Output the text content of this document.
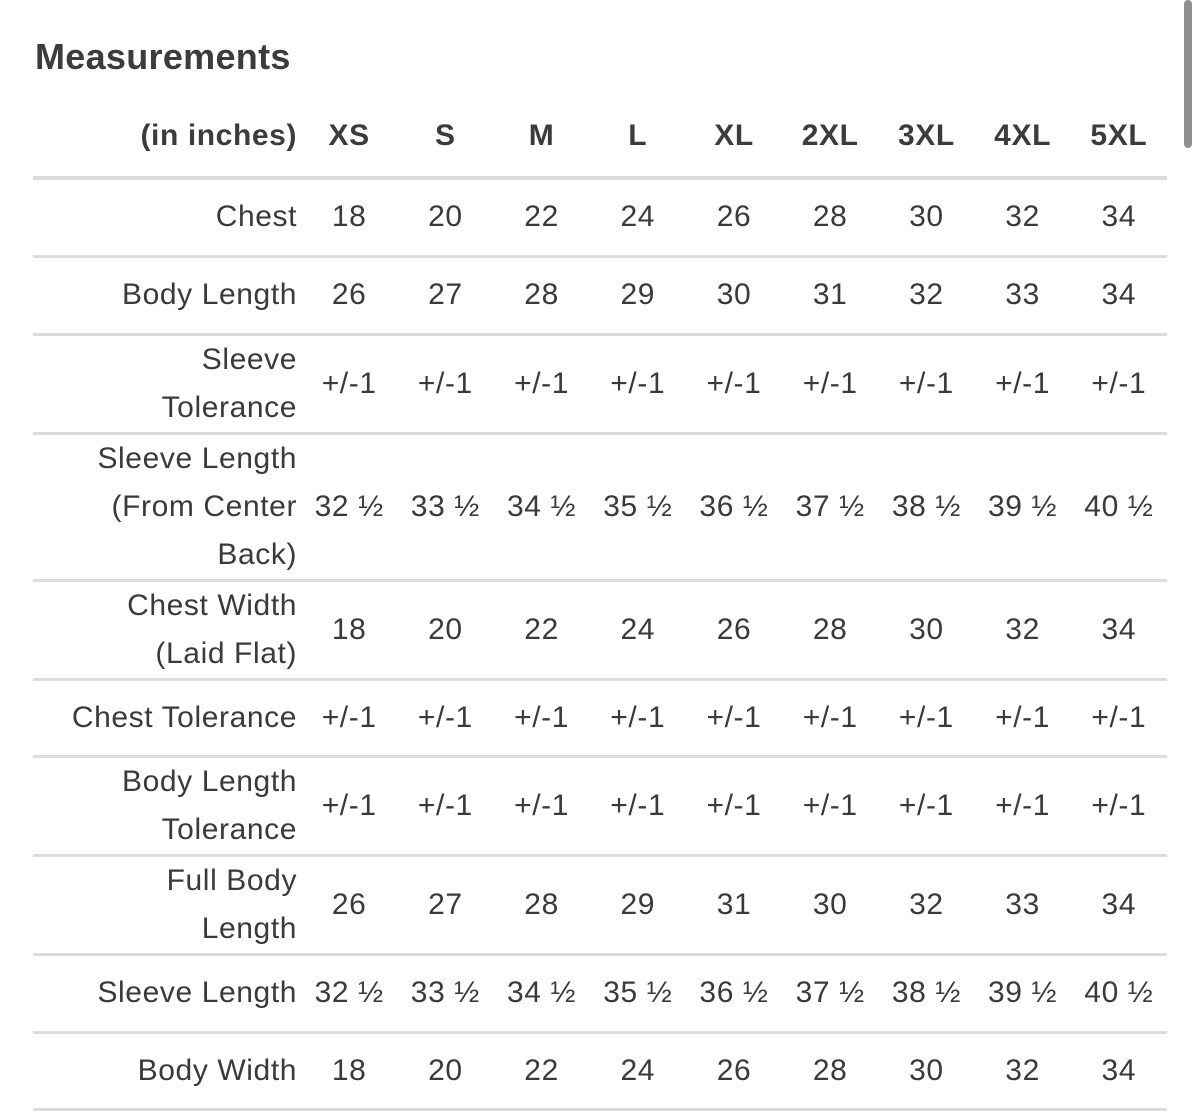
Measurements
(in inches)	XS	S	M	L	XL	2XL	3XL	4XL	5XL

Chest	18	20	22	24	26	28	30	32	34

Body Length	26	27	28	29	30	31	32	33	34

Sleeve
Tolerance	+/-1	+/-1	+/-1	+/-1	+/-1	+/-1	+/-1	+/-1	+/-1

Sleeve Length
(From Center
Back)	32 ½	33 ½	34 ½	35 ½	36 ½	37 ½	38 ½	39 ½	40 ½

Chest Width
(Laid Flat)	18	20	22	24	26	28	30	32	34

Chest Tolerance	+/-1	+/-1	+/-1	+/-1	+/-1	+/-1	+/-1	+/-1	+/-1

Body Length
Tolerance	+/-1	+/-1	+/-1	+/-1	+/-1	+/-1	+/-1	+/-1	+/-1

Full Body
Length	26	27	28	29	31	30	32	33	34

Sleeve Length	32 ½	33 ½	34 ½	35 ½	36 ½	37 ½	38 ½	39 ½	40 ½

Body Width	18	20	22	24	26	28	30	32	34
